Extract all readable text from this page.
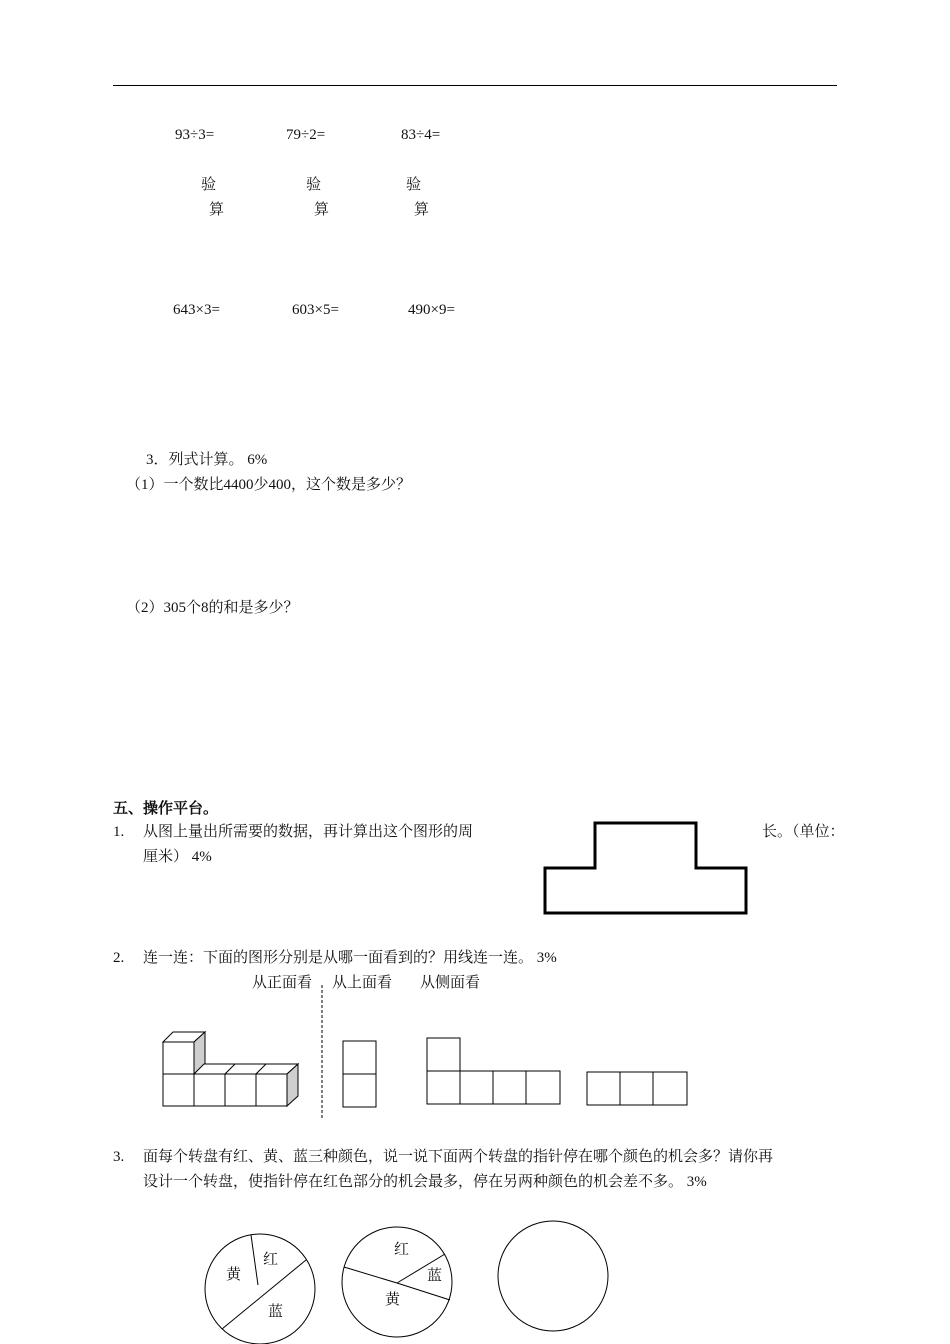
93÷3=	79÷2=	83÷4=
验
算
验
算
验
算
643×3=	603×5=	490×9=
3．列式计算。 6%
（1）一个数比4400少400，这个数是多少？
（2）305个8的和是多少？
五、操作平台。
1. 从图上量出所需要的数据，再计算出这个图形的周	长。（单位：
厘米） 4%
2. 连一连：下面的图形分别是从哪一面看到的？用线连一连。 3%
从正面看 从上面看 从侧面看
3. 面每个转盘有红、黄、蓝三种颜色，说一说下面两个转盘的指针停在哪个颜色的机会多？请你再
设计一个转盘，使指针停在红色部分的机会最多，停在另两种颜色的机会差不多。 3%
黄
红
蓝
红
蓝
黄
